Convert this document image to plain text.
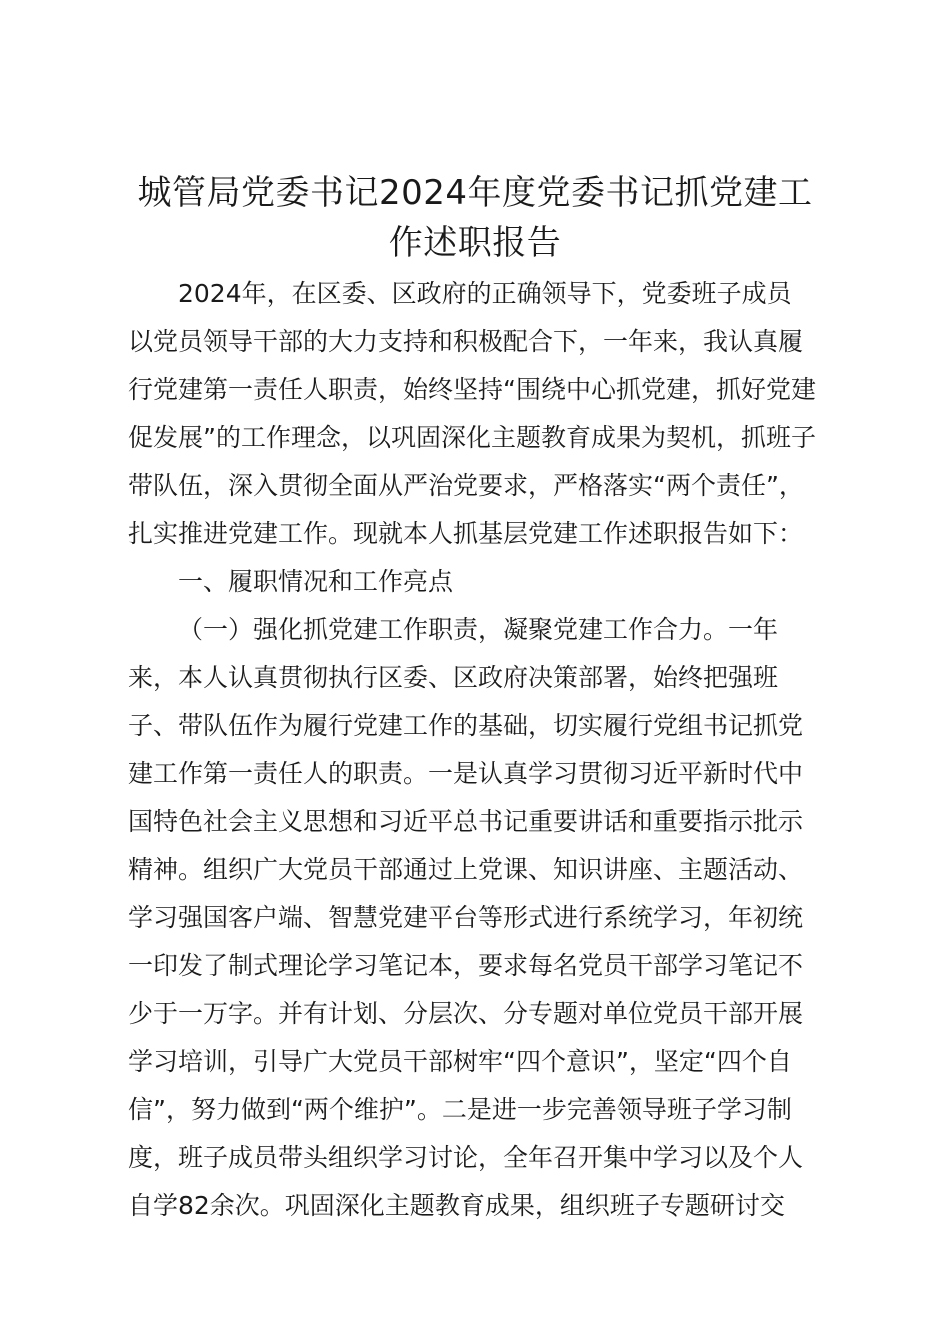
城管局党委书记2024年度党委书记抓党建工
作述职报告
2024年，在区委、区政府的正确领导下，党委班子成员
以党员领导干部的大力支持和积极配合下，一年来，我认真履
行党建第一责任人职责，始终坚持“围绕中心抓党建，抓好党建
促发展”的工作理念，以巩固深化主题教育成果为契机，抓班子
带队伍，深入贯彻全面从严治党要求，严格落实“两个责任”，
扎实推进党建工作。现就本人抓基层党建工作述职报告如下：
一、履职情况和工作亮点
（一）强化抓党建工作职责，凝聚党建工作合力。一年
来，本人认真贯彻执行区委、区政府决策部署，始终把强班
子、带队伍作为履行党建工作的基础，切实履行党组书记抓党
建工作第一责任人的职责。一是认真学习贯彻习近平新时代中
国特色社会主义思想和习近平总书记重要讲话和重要指示批示
精神。组织广大党员干部通过上党课、知识讲座、主题活动、
学习强国客户端、智慧党建平台等形式进行系统学习，年初统
一印发了制式理论学习笔记本，要求每名党员干部学习笔记不
少于一万字。并有计划、分层次、分专题对单位党员干部开展
学习培训，引导广大党员干部树牢“四个意识”，坚定“四个自
信”，努力做到“两个维护”。二是进一步完善领导班子学习制
度，班子成员带头组织学习讨论，全年召开集中学习以及个人
自学82余次。巩固深化主题教育成果，组织班子专题研讨交
